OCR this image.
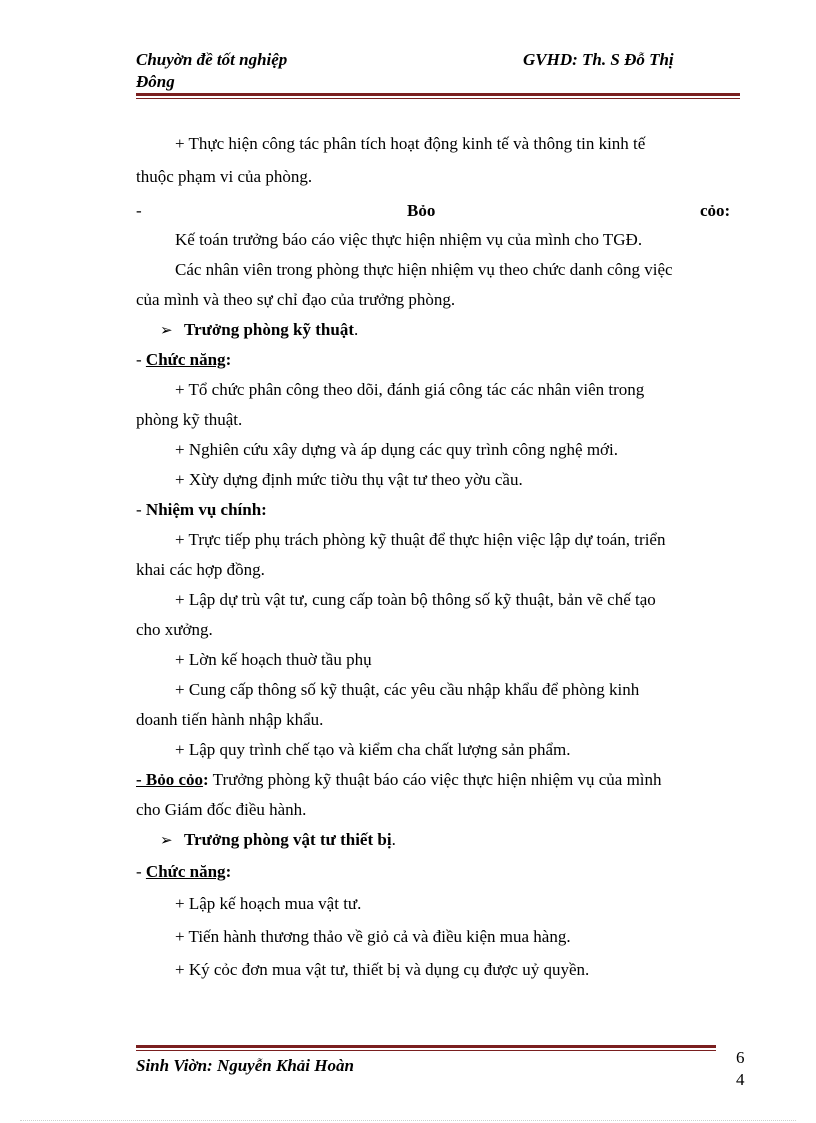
Chuyờn đề tốt nghiệp
Đông
GVHD: Th. S Đỗ Thị
+ Thực hiện công tác phân tích hoạt động kinh tế và thông tin kinh tế
thuộc phạm vi của phòng.
-	Bỏo	cỏo:
Kế toán trưởng báo cáo việc thực hiện nhiệm vụ của mình cho TGĐ.
Các nhân viên trong phòng thực hiện nhiệm vụ theo chức danh công việc
của mình và theo sự chỉ đạo của trưởng phòng.
➢ Trưởng phòng kỹ thuật.
- Chức năng:
+ Tổ chức phân công theo dõi, đánh giá công tác các nhân viên trong
phòng kỹ thuật.
+ Nghiên cứu xây dựng và áp dụng các quy trình công nghệ mới.
+ Xừy dựng định mức tiờu thụ vật tư theo yờu cầu.
- Nhiệm vụ chính:
+ Trực tiếp phụ trách phòng kỹ thuật để thực hiện việc lập dự toán, triển
khai các hợp đồng.
+ Lập dự trù vật tư, cung cấp toàn bộ thông số kỹ thuật, bản vẽ chế tạo
cho xưởng.
+ Lờn kế hoạch thuờ tầu phụ
+ Cung cấp thông số kỹ thuật, các yêu cầu nhập khẩu để phòng kinh
doanh tiến hành nhập khẩu.
+ Lập quy trình chế tạo và kiểm cha chất lượng sản phẩm.
- Bỏo cỏo: Trưởng phòng kỹ thuật báo cáo việc thực hiện nhiệm vụ của mình
cho Giám đốc điều hành.
➢ Trưởng phòng vật tư thiết bị.
- Chức năng:
+ Lập kế hoạch mua vật tư.
+ Tiến hành thương thảo về giỏ cả và điều kiện mua hàng.
+ Ký cỏc đơn mua vật tư, thiết bị và dụng cụ được uỷ quyền.
Sinh Viờn: Nguyễn Khải Hoàn	6
4
